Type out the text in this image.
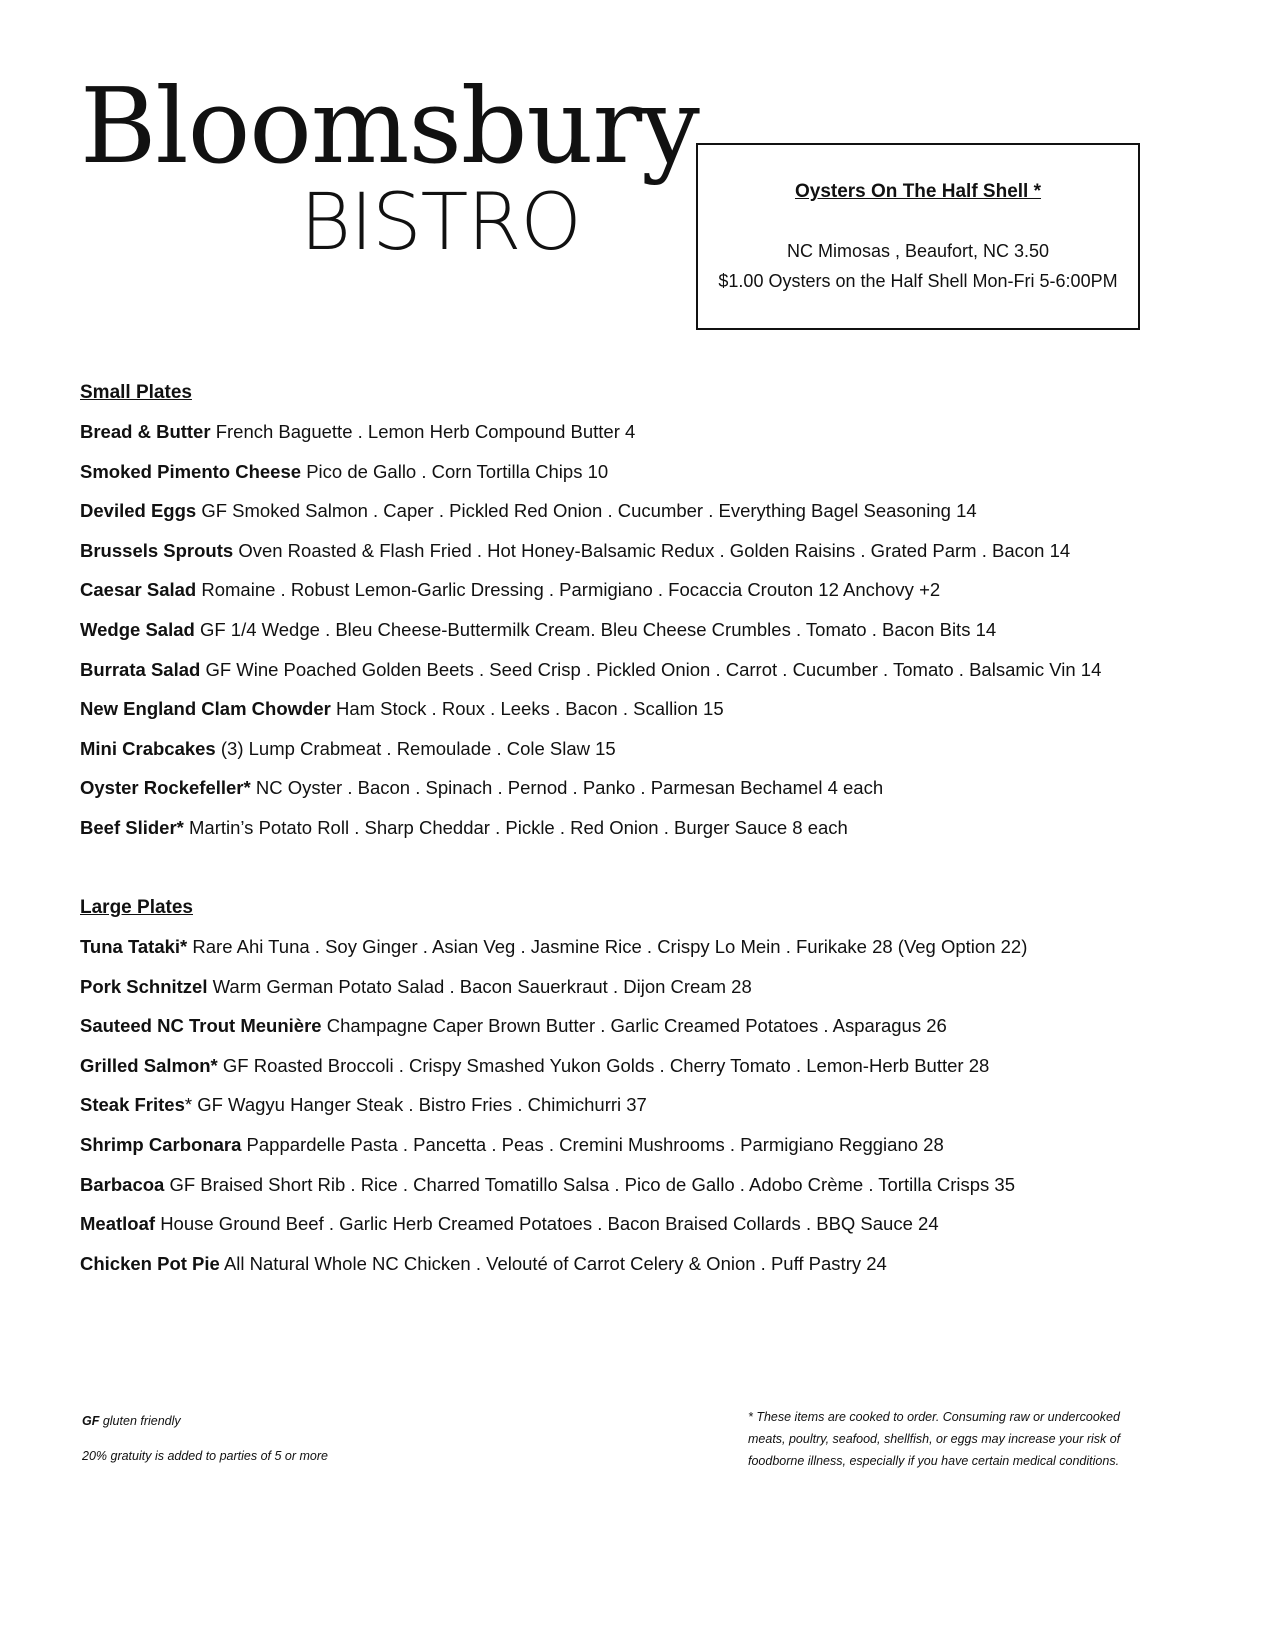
Bloomsbury
BISTRO	Oysters On The Half Shell *
NC Mimosas , Beaufort, NC 3.50
$1.00 Oysters on the Half Shell Mon-Fri 5-6:00PM
Small Plates
Bread & Butter French Baguette . Lemon Herb Compound Butter 4
Smoked Pimento Cheese Pico de Gallo . Corn Tortilla Chips 10
Deviled Eggs GF Smoked Salmon . Caper . Pickled Red Onion . Cucumber . Everything Bagel Seasoning 14
Brussels Sprouts Oven Roasted & Flash Fried . Hot Honey-Balsamic Redux . Golden Raisins . Grated Parm . Bacon 14
Caesar Salad Romaine . Robust Lemon-Garlic Dressing . Parmigiano . Focaccia Crouton 12 Anchovy +2
Wedge Salad GF 1/4 Wedge . Bleu Cheese-Buttermilk Cream. Bleu Cheese Crumbles . Tomato . Bacon Bits 14
Burrata Salad GF Wine Poached Golden Beets . Seed Crisp . Pickled Onion . Carrot . Cucumber . Tomato . Balsamic Vin 14
New England Clam Chowder Ham Stock . Roux . Leeks . Bacon . Scallion 15
Mini Crabcakes (3) Lump Crabmeat . Remoulade . Cole Slaw 15
Oyster Rockefeller* NC Oyster . Bacon . Spinach . Pernod . Panko . Parmesan Bechamel 4 each
Beef Slider* Martin’s Potato Roll . Sharp Cheddar . Pickle . Red Onion . Burger Sauce 8 each
Large Plates
Tuna Tataki* Rare Ahi Tuna . Soy Ginger . Asian Veg . Jasmine Rice . Crispy Lo Mein . Furikake 28 (Veg Option 22)
Pork Schnitzel Warm German Potato Salad . Bacon Sauerkraut . Dijon Cream 28
Sauteed NC Trout Meunière Champagne Caper Brown Butter . Garlic Creamed Potatoes . Asparagus 26
Grilled Salmon* GF Roasted Broccoli . Crispy Smashed Yukon Golds . Cherry Tomato . Lemon-Herb Butter 28
Steak Frites* GF Wagyu Hanger Steak . Bistro Fries . Chimichurri 37
Shrimp Carbonara Pappardelle Pasta . Pancetta . Peas . Cremini Mushrooms . Parmigiano Reggiano 28
Barbacoa GF Braised Short Rib . Rice . Charred Tomatillo Salsa . Pico de Gallo . Adobo Crème . Tortilla Crisps 35
Meatloaf House Ground Beef . Garlic Herb Creamed Potatoes . Bacon Braised Collards . BBQ Sauce 24
Chicken Pot Pie All Natural Whole NC Chicken . Velouté of Carrot Celery & Onion . Puff Pastry 24

GF gluten friendly

20% gratuity is added to parties of 5 or more

* These items are cooked to order. Consuming raw or undercooked

meats, poultry, seafood, shellfish, or eggs may increase your risk of

foodborne illness, especially if you have certain medical conditions.
